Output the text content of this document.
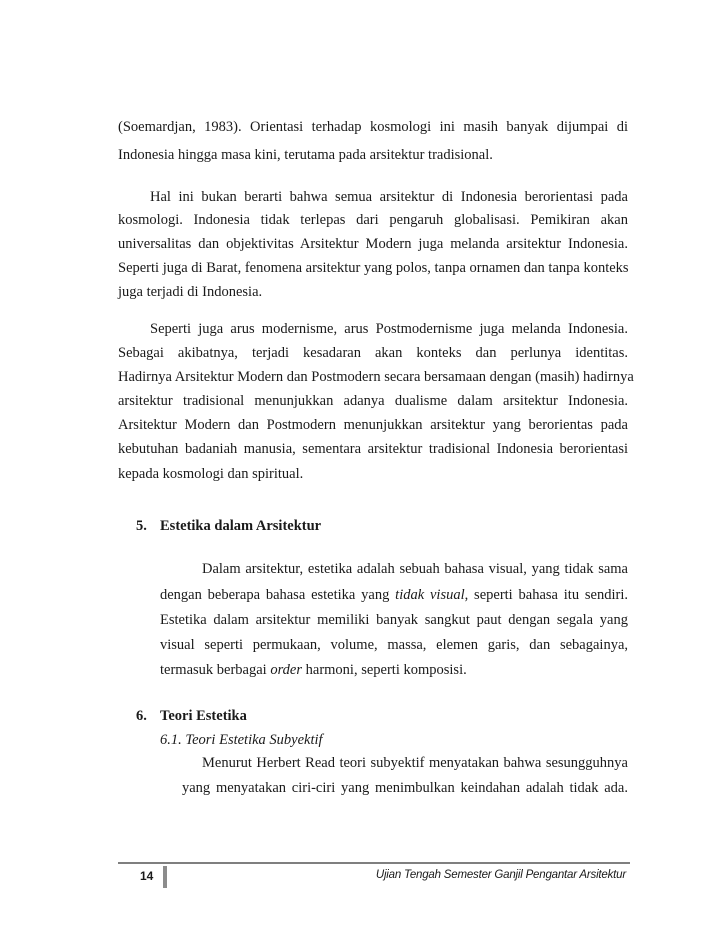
(Soemardjan, 1983). Orientasi terhadap kosmologi ini masih banyak dijumpai di
Indonesia hingga masa kini, terutama pada arsitektur tradisional.
Hal ini bukan berarti bahwa semua arsitektur di Indonesia berorientasi pada
kosmologi. Indonesia tidak terlepas dari pengaruh globalisasi. Pemikiran akan
universalitas dan objektivitas Arsitektur Modern juga melanda arsitektur Indonesia.
Seperti juga di Barat, fenomena arsitektur yang polos, tanpa ornamen dan tanpa konteks
juga terjadi di Indonesia.
Seperti juga arus modernisme, arus Postmodernisme juga melanda Indonesia.
Sebagai akibatnya, terjadi kesadaran akan konteks dan perlunya identitas.
Hadirnya Arsitektur Modern dan Postmodern secara bersamaan dengan (masih) hadirnya
arsitektur tradisional menunjukkan adanya dualisme dalam arsitektur Indonesia.
Arsitektur Modern dan Postmodern menunjukkan arsitektur yang berorientas pada
kebutuhan badaniah manusia, sementara arsitektur tradisional Indonesia berorientasi
kepada kosmologi dan spiritual.
5. Estetika dalam Arsitektur
Dalam arsitektur, estetika adalah sebuah bahasa visual, yang tidak sama
dengan beberapa bahasa estetika yang tidak visual, seperti bahasa itu sendiri.
Estetika dalam arsitektur memiliki banyak sangkut paut dengan segala yang
visual seperti permukaan, volume, massa, elemen garis, dan sebagainya,
termasuk berbagai order harmoni, seperti komposisi.
6. Teori Estetika
6.1. Teori Estetika Subyektif
Menurut Herbert Read teori subyektif menyatakan bahwa sesungguhnya
yang menyatakan ciri-ciri yang menimbulkan keindahan adalah tidak ada.
14	Ujian Tengah Semester Ganjil Pengantar Arsitektur
